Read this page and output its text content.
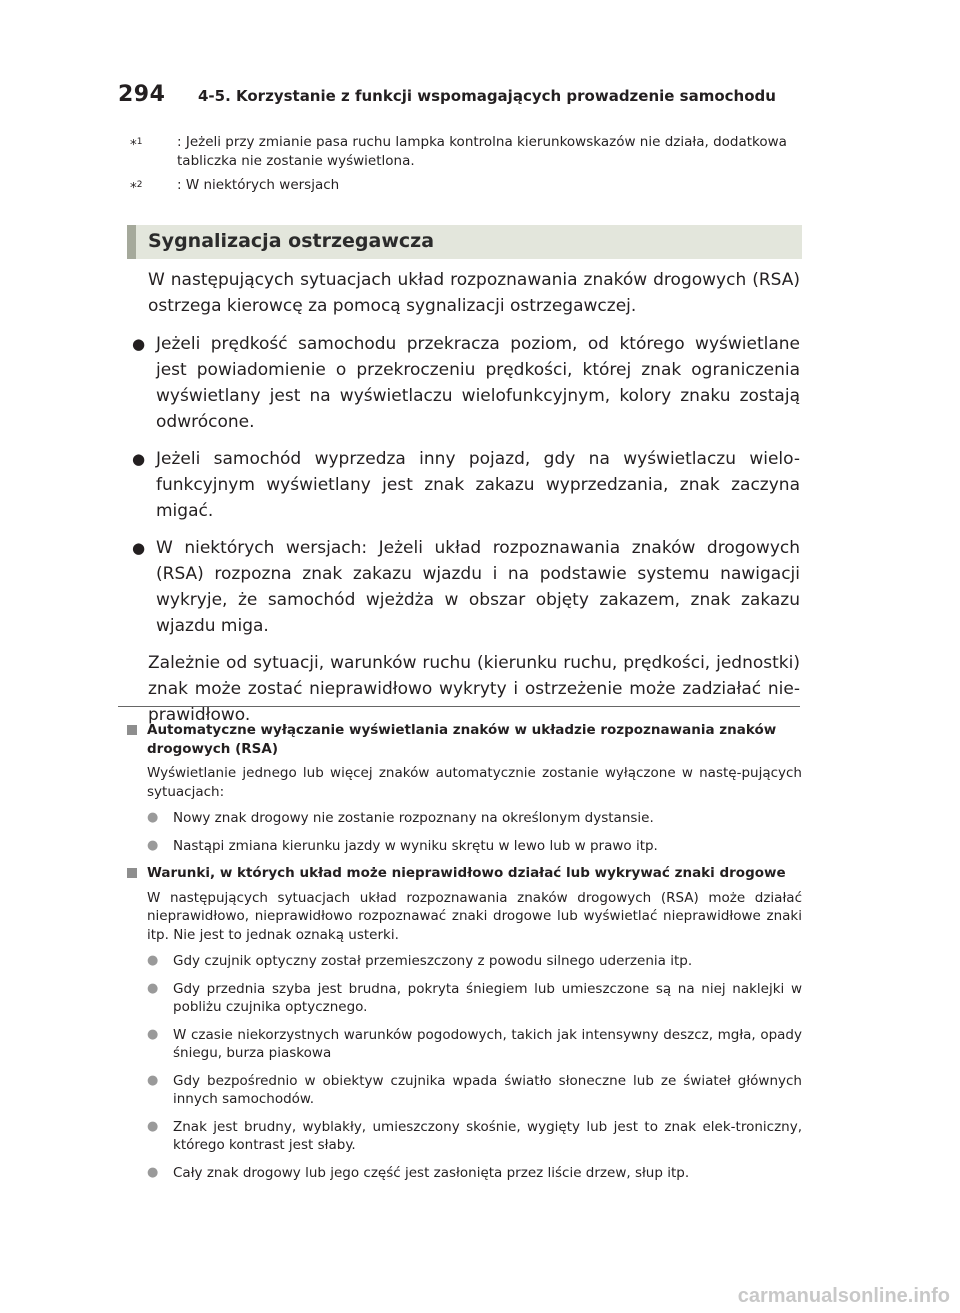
294	4-5. Korzystanie z funkcji wspomagających prowadzenie samochodu
*$^1$	: Jeżeli przy zmianie pasa ruchu lampka kontrolna kierunkowskazów nie działa, dodatkowa tabliczka nie zostanie wyświetlona.
*$^2$	: W niektórych wersjach
Sygnalizacja ostrzegawcza

W następujących sytuacjach układ rozpoznawania znaków drogowych (RSA) ostrzega kierowcę za pomocą sygnalizacji ostrzegawczej.

● Jeżeli prędkość samochodu przekracza poziom, od którego wyświetlane jest powiadomienie o przekroczeniu prędkości, której znak ograniczenia wyświetlany jest na wyświetlaczu wielofunkcyjnym, kolory znaku zostają odwrócone.
● Jeżeli samochód wyprzedza inny pojazd, gdy na wyświetlaczu wielo-funkcyjnym wyświetlany jest znak zakazu wyprzedzania, znak zaczyna migać.
● W niektórych wersjach: Jeżeli układ rozpoznawania znaków drogowych (RSA) rozpozna znak zakazu wjazdu i na podstawie systemu nawigacji wykryje, że samochód wjeżdża w obszar objęty zakazem, znak zakazu wjazdu miga.

Zależnie od sytuacji, warunków ruchu (kierunku ruchu, prędkości, jednostki) znak może zostać nieprawidłowo wykryty i ostrzeżenie może zadziałać nie-prawidłowo.

Automatyczne wyłączanie wyświetlania znaków w układzie rozpoznawania znaków drogowych (RSA)
Wyświetlanie jednego lub więcej znaków automatycznie zostanie wyłączone w nastę-pujących sytuacjach:
●	Nowy znak drogowy nie zostanie rozpoznany na określonym dystansie.
●	Nastąpi zmiana kierunku jazdy w wyniku skrętu w lewo lub w prawo itp.
Warunki, w których układ może nieprawidłowo działać lub wykrywać znaki drogowe
W następujących sytuacjach układ rozpoznawania znaków drogowych (RSA) może działać nieprawidłowo, nieprawidłowo rozpoznawać znaki drogowe lub wyświetlać nieprawidłowe znaki itp. Nie jest to jednak oznaką usterki.
●	Gdy czujnik optyczny został przemieszczony z powodu silnego uderzenia itp.
●	Gdy przednia szyba jest brudna, pokryta śniegiem lub umieszczone są na niej naklejki w pobliżu czujnika optycznego.
●	W czasie niekorzystnych warunków pogodowych, takich jak intensywny deszcz, mgła, opady śniegu, burza piaskowa
●	Gdy bezpośrednio w obiektyw czujnika wpada światło słoneczne lub ze świateł głównych innych samochodów.
●	Znak jest brudny, wyblakły, umieszczony skośnie, wygięty lub jest to znak elek-troniczny, którego kontrast jest słaby.
●	Cały znak drogowy lub jego część jest zasłonięta przez liście drzew, słup itp.
carmanualsonline.info
